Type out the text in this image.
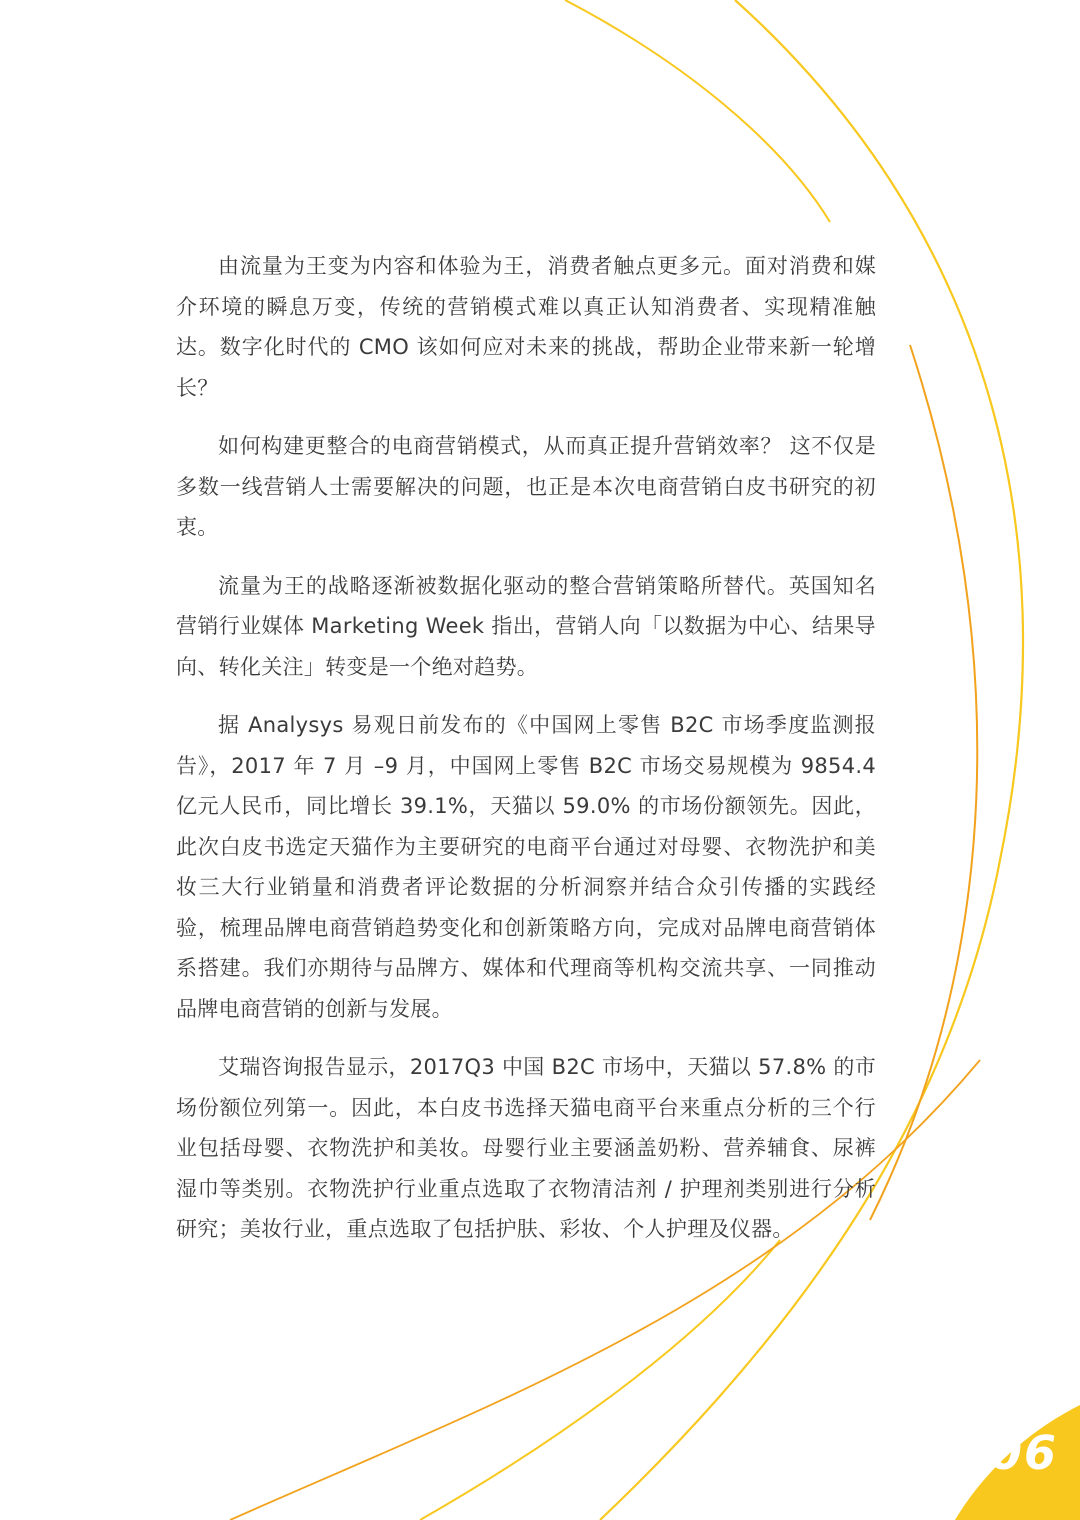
由流量为王变为内容和体验为王，消费者触点更多元。面对消费和媒介环境的瞬息万变，传统的营销模式难以真正认知消费者、实现精准触达。数字化时代的 CMO 该如何应对未来的挑战，帮助企业带来新一轮增长？

如何构建更整合的电商营销模式，从而真正提升营销效率？ 这不仅是多数一线营销人士需要解决的问题，也正是本次电商营销白皮书研究的初衷。

流量为王的战略逐渐被数据化驱动的整合营销策略所替代。英国知名营销行业媒体 Marketing Week 指出，营销人向「以数据为中心、结果导向、转化关注」转变是一个绝对趋势。

据 Analysys 易观日前发布的《中国网上零售 B2C 市场季度监测报告》，2017 年 7 月 –9 月，中国网上零售 B2C 市场交易规模为 9854.4 亿元人民币，同比增长 39.1%，天猫以 59.0% 的市场份额领先。因此，此次白皮书选定天猫作为主要研究的电商平台通过对母婴、衣物洗护和美妆三大行业销量和消费者评论数据的分析洞察并结合众引传播的实践经验，梳理品牌电商营销趋势变化和创新策略方向，完成对品牌电商营销体系搭建。我们亦期待与品牌方、媒体和代理商等机构交流共享、一同推动品牌电商营销的创新与发展。

艾瑞咨询报告显示，2017Q3 中国 B2C 市场中，天猫以 57.8% 的市场份额位列第一。因此，本白皮书选择天猫电商平台来重点分析的三个行业包括母婴、衣物洗护和美妆。母婴行业主要涵盖奶粉、营养辅食、尿裤湿巾等类别。衣物洗护行业重点选取了衣物清洁剂 / 护理剂类别进行分析研究；美妆行业，重点选取了包括护肤、彩妆、个人护理及仪器。

06
